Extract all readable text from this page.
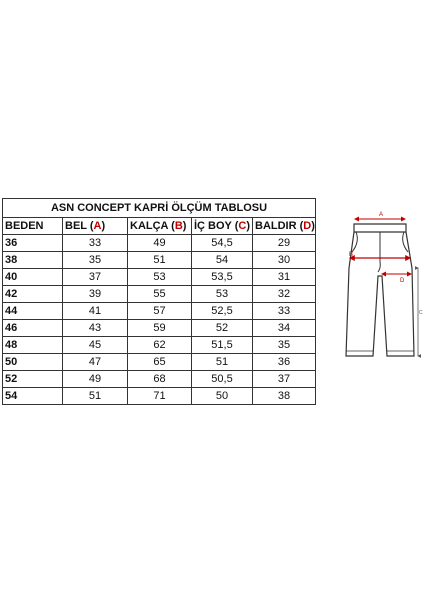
ASN CONCEPT KAPRİ ÖLÇÜM TABLOSU				
BEDEN	BEL (A)	KALÇA (B)	İÇ BOY (C)	BALDIR (D)
36	33	49	54,5	29
38	35	51	54	30
40	37	53	53,5	31
42	39	55	53	32
44	41	57	52,5	33
46	43	59	52	34
48	45	62	51,5	35
50	47	65	51	36
52	49	68	50,5	37
54	51	71	50	38
A
B
D
C
